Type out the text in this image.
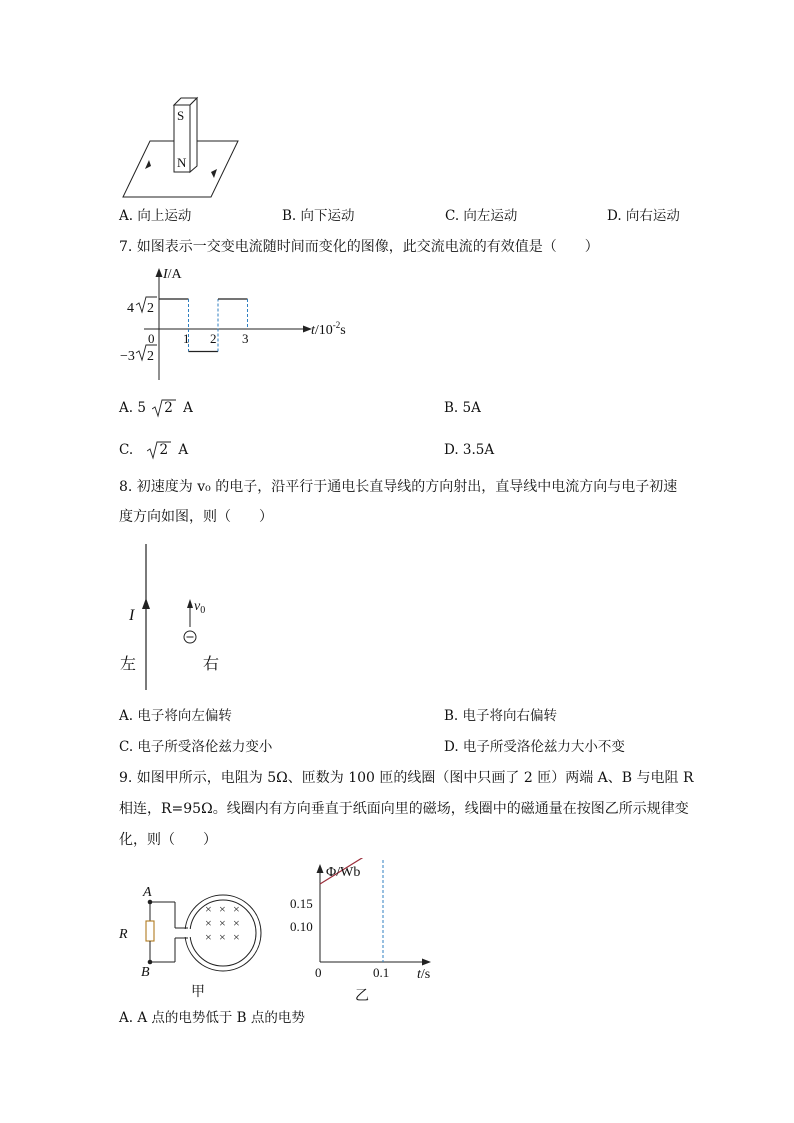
S
N
A. 向上运动	B. 向下运动	C. 向左运动	D. 向右运动
7. 如图表示一交变电流随时间而变化的图像，此交流电流的有效值是（　　）
I/A
$t/10^{-2}s$
0 1 2 3
4 2
−3 2
A. 5 2 A	B. 5A
C. 2 A	D. 3.5A
8. 初速度为 v₀ 的电子，沿平行于通电长直导线的方向射出，直导线中电流方向与电子初速
度方向如图，则（　　）
I
$v_0$
左	右
A. 电子将向左偏转	B. 电子将向右偏转
C. 电子所受洛伦兹力变小	D. 电子所受洛伦兹力大小不变
9. 如图甲所示，电阻为 5Ω、匝数为 100 匝的线圈（图中只画了 2 匝）两端 A、B 与电阻 R
相连，R=95Ω。线圈内有方向垂直于纸面向里的磁场，线圈中的磁通量在按图乙所示规律变
化，则（　　）
A
B
R
× × ×
× × ×
× × ×
甲
Φ/Wb
t/s
0	0.1
0.15
0.10
乙
A. A 点的电势低于 B 点的电势
